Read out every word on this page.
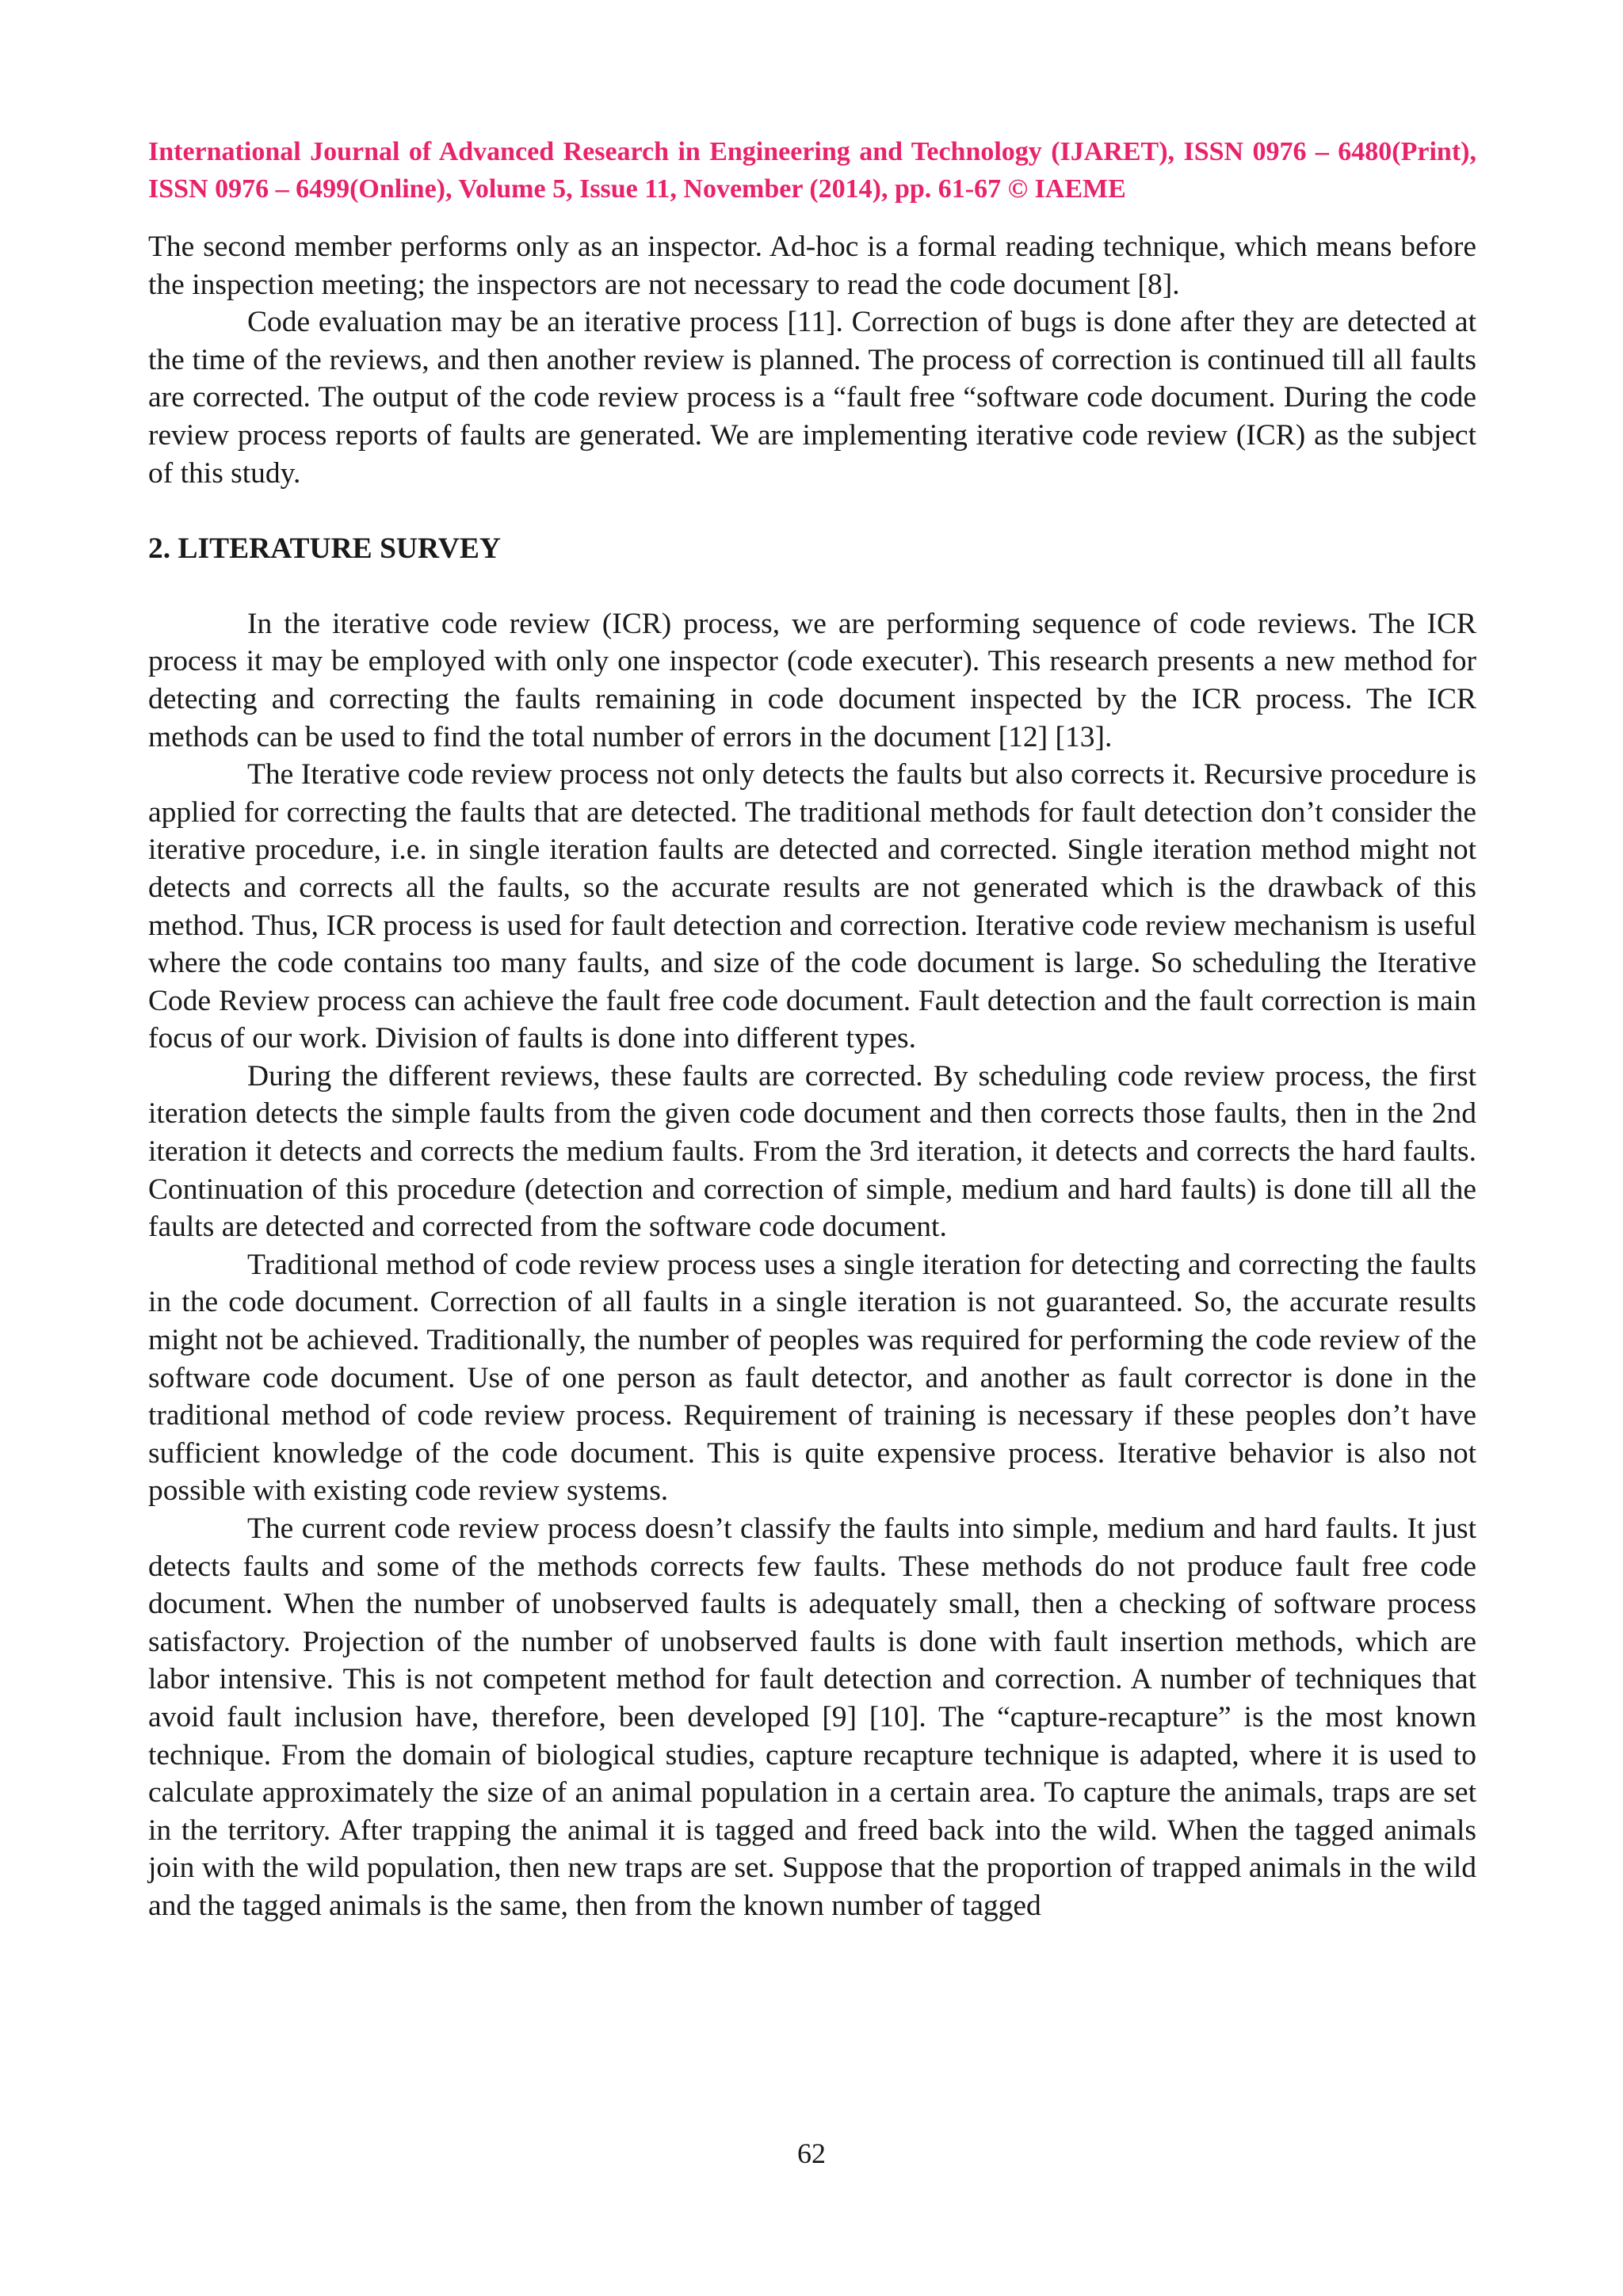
International Journal of Advanced Research in Engineering and Technology (IJARET), ISSN 0976 – 6480(Print), ISSN 0976 – 6499(Online), Volume 5, Issue 11, November (2014), pp. 61-67 © IAEME

The second member performs only as an inspector. Ad-hoc is a formal reading technique, which means before the inspection meeting; the inspectors are not necessary to read the code document [8].

Code evaluation may be an iterative process [11]. Correction of bugs is done after they are detected at the time of the reviews, and then another review is planned. The process of correction is continued till all faults are corrected. The output of the code review process is a “fault free “software code document. During the code review process reports of faults are generated. We are implementing iterative code review (ICR) as the subject of this study.

2. LITERATURE SURVEY

In the iterative code review (ICR) process, we are performing sequence of code reviews. The ICR process it may be employed with only one inspector (code executer). This research presents a new method for detecting and correcting the faults remaining in code document inspected by the ICR process. The ICR methods can be used to find the total number of errors in the document [12] [13].

The Iterative code review process not only detects the faults but also corrects it. Recursive procedure is applied for correcting the faults that are detected. The traditional methods for fault detection don’t consider the iterative procedure, i.e. in single iteration faults are detected and corrected. Single iteration method might not detects and corrects all the faults, so the accurate results are not generated which is the drawback of this method. Thus, ICR process is used for fault detection and correction. Iterative code review mechanism is useful where the code contains too many faults, and size of the code document is large. So scheduling the Iterative Code Review process can achieve the fault free code document. Fault detection and the fault correction is main focus of our work. Division of faults is done into different types.

During the different reviews, these faults are corrected. By scheduling code review process, the first iteration detects the simple faults from the given code document and then corrects those faults, then in the 2nd iteration it detects and corrects the medium faults. From the 3rd iteration, it detects and corrects the hard faults. Continuation of this procedure (detection and correction of simple, medium and hard faults) is done till all the faults are detected and corrected from the software code document.

Traditional method of code review process uses a single iteration for detecting and correcting the faults in the code document. Correction of all faults in a single iteration is not guaranteed. So, the accurate results might not be achieved. Traditionally, the number of peoples was required for performing the code review of the software code document. Use of one person as fault detector, and another as fault corrector is done in the traditional method of code review process. Requirement of training is necessary if these peoples don’t have sufficient knowledge of the code document. This is quite expensive process. Iterative behavior is also not possible with existing code review systems.

The current code review process doesn’t classify the faults into simple, medium and hard faults. It just detects faults and some of the methods corrects few faults. These methods do not produce fault free code document. When the number of unobserved faults is adequately small, then a checking of software process satisfactory. Projection of the number of unobserved faults is done with fault insertion methods, which are labor intensive. This is not competent method for fault detection and correction. A number of techniques that avoid fault inclusion have, therefore, been developed [9] [10]. The “capture-recapture” is the most known technique. From the domain of biological studies, capture recapture technique is adapted, where it is used to calculate approximately the size of an animal population in a certain area. To capture the animals, traps are set in the territory. After trapping the animal it is tagged and freed back into the wild. When the tagged animals join with the wild population, then new traps are set. Suppose that the proportion of trapped animals in the wild and the tagged animals is the same, then from the known number of tagged

62
